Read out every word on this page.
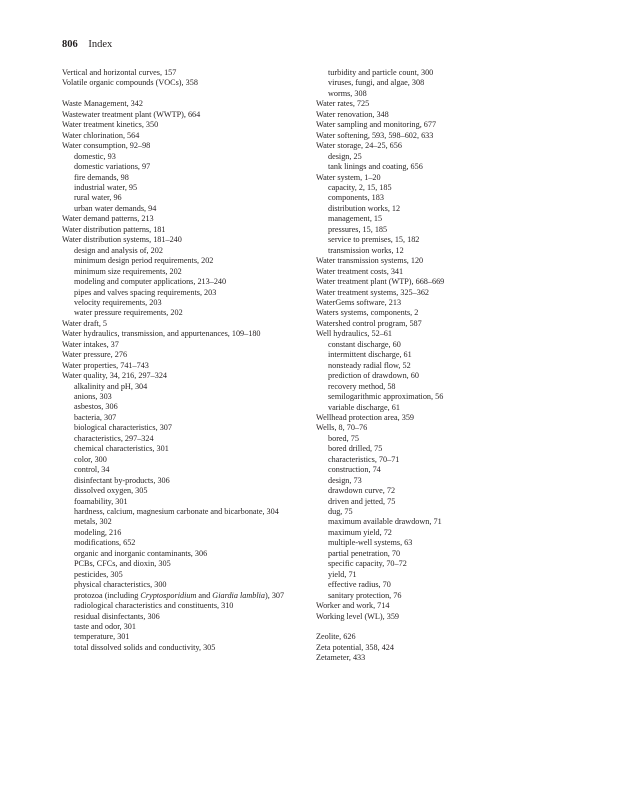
806 Index
Vertical and horizontal curves, 157
Volatile organic compounds (VOCs), 358
Waste Management, 342
Wastewater treatment plant (WWTP), 664
Water treatment kinetics, 350
Water chlorination, 564
Water consumption, 92–98
domestic, 93
domestic variations, 97
fire demands, 98
industrial water, 95
rural water, 96
urban water demands, 94
Water demand patterns, 213
Water distribution patterns, 181
Water distribution systems, 181–240
design and analysis of, 202
minimum design period requirements, 202
minimum size requirements, 202
modeling and computer applications, 213–240
pipes and valves spacing requirements, 203
velocity requirements, 203
water pressure requirements, 202
Water draft, 5
Water hydraulics, transmission, and appurtenances, 109–180
Water intakes, 37
Water pressure, 276
Water properties, 741–743
Water quality, 34, 216, 297–324
alkalinity and pH, 304
anions, 303
asbestos, 306
bacteria, 307
biological characteristics, 307
characteristics, 297–324
chemical characteristics, 301
color, 300
control, 34
disinfectant by-products, 306
dissolved oxygen, 305
foamability, 301
hardness, calcium, magnesium carbonate and bicarbonate, 304
metals, 302
modeling, 216
modifications, 652
organic and inorganic contaminants, 306
PCBs, CFCs, and dioxin, 305
pesticides, 305
physical characteristics, 300
protozoa (including Cryptosporidium and Giardia lamblia), 307
radiological characteristics and constituents, 310
residual disinfectants, 306
taste and odor, 301
temperature, 301
total dissolved solids and conductivity, 305
turbidity and particle count, 300
viruses, fungi, and algae, 308
worms, 308
Water rates, 725
Water renovation, 348
Water sampling and monitoring, 677
Water softening, 593, 598–602, 633
Water storage, 24–25, 656
design, 25
tank linings and coating, 656
Water system, 1–20
capacity, 2, 15, 185
components, 183
distribution works, 12
management, 15
pressures, 15, 185
service to premises, 15, 182
transmission works, 12
Water transmission systems, 120
Water treatment costs, 341
Water treatment plant (WTP), 668–669
Water treatment systems, 325–362
WaterGems software, 213
Waters systems, components, 2
Watershed control program, 587
Well hydraulics, 52–61
constant discharge, 60
intermittent discharge, 61
nonsteady radial flow, 52
prediction of drawdown, 60
recovery method, 58
semilogarithmic approximation, 56
variable discharge, 61
Wellhead protection area, 359
Wells, 8, 70–76
bored, 75
bored drilled, 75
characteristics, 70–71
construction, 74
design, 73
drawdown curve, 72
driven and jetted, 75
dug, 75
maximum available drawdown, 71
maximum yield, 72
multiple-well systems, 63
partial penetration, 70
specific capacity, 70–72
yield, 71
effective radius, 70
sanitary protection, 76
Worker and work, 714
Working level (WL), 359
Zeolite, 626
Zeta potential, 358, 424
Zetameter, 433
